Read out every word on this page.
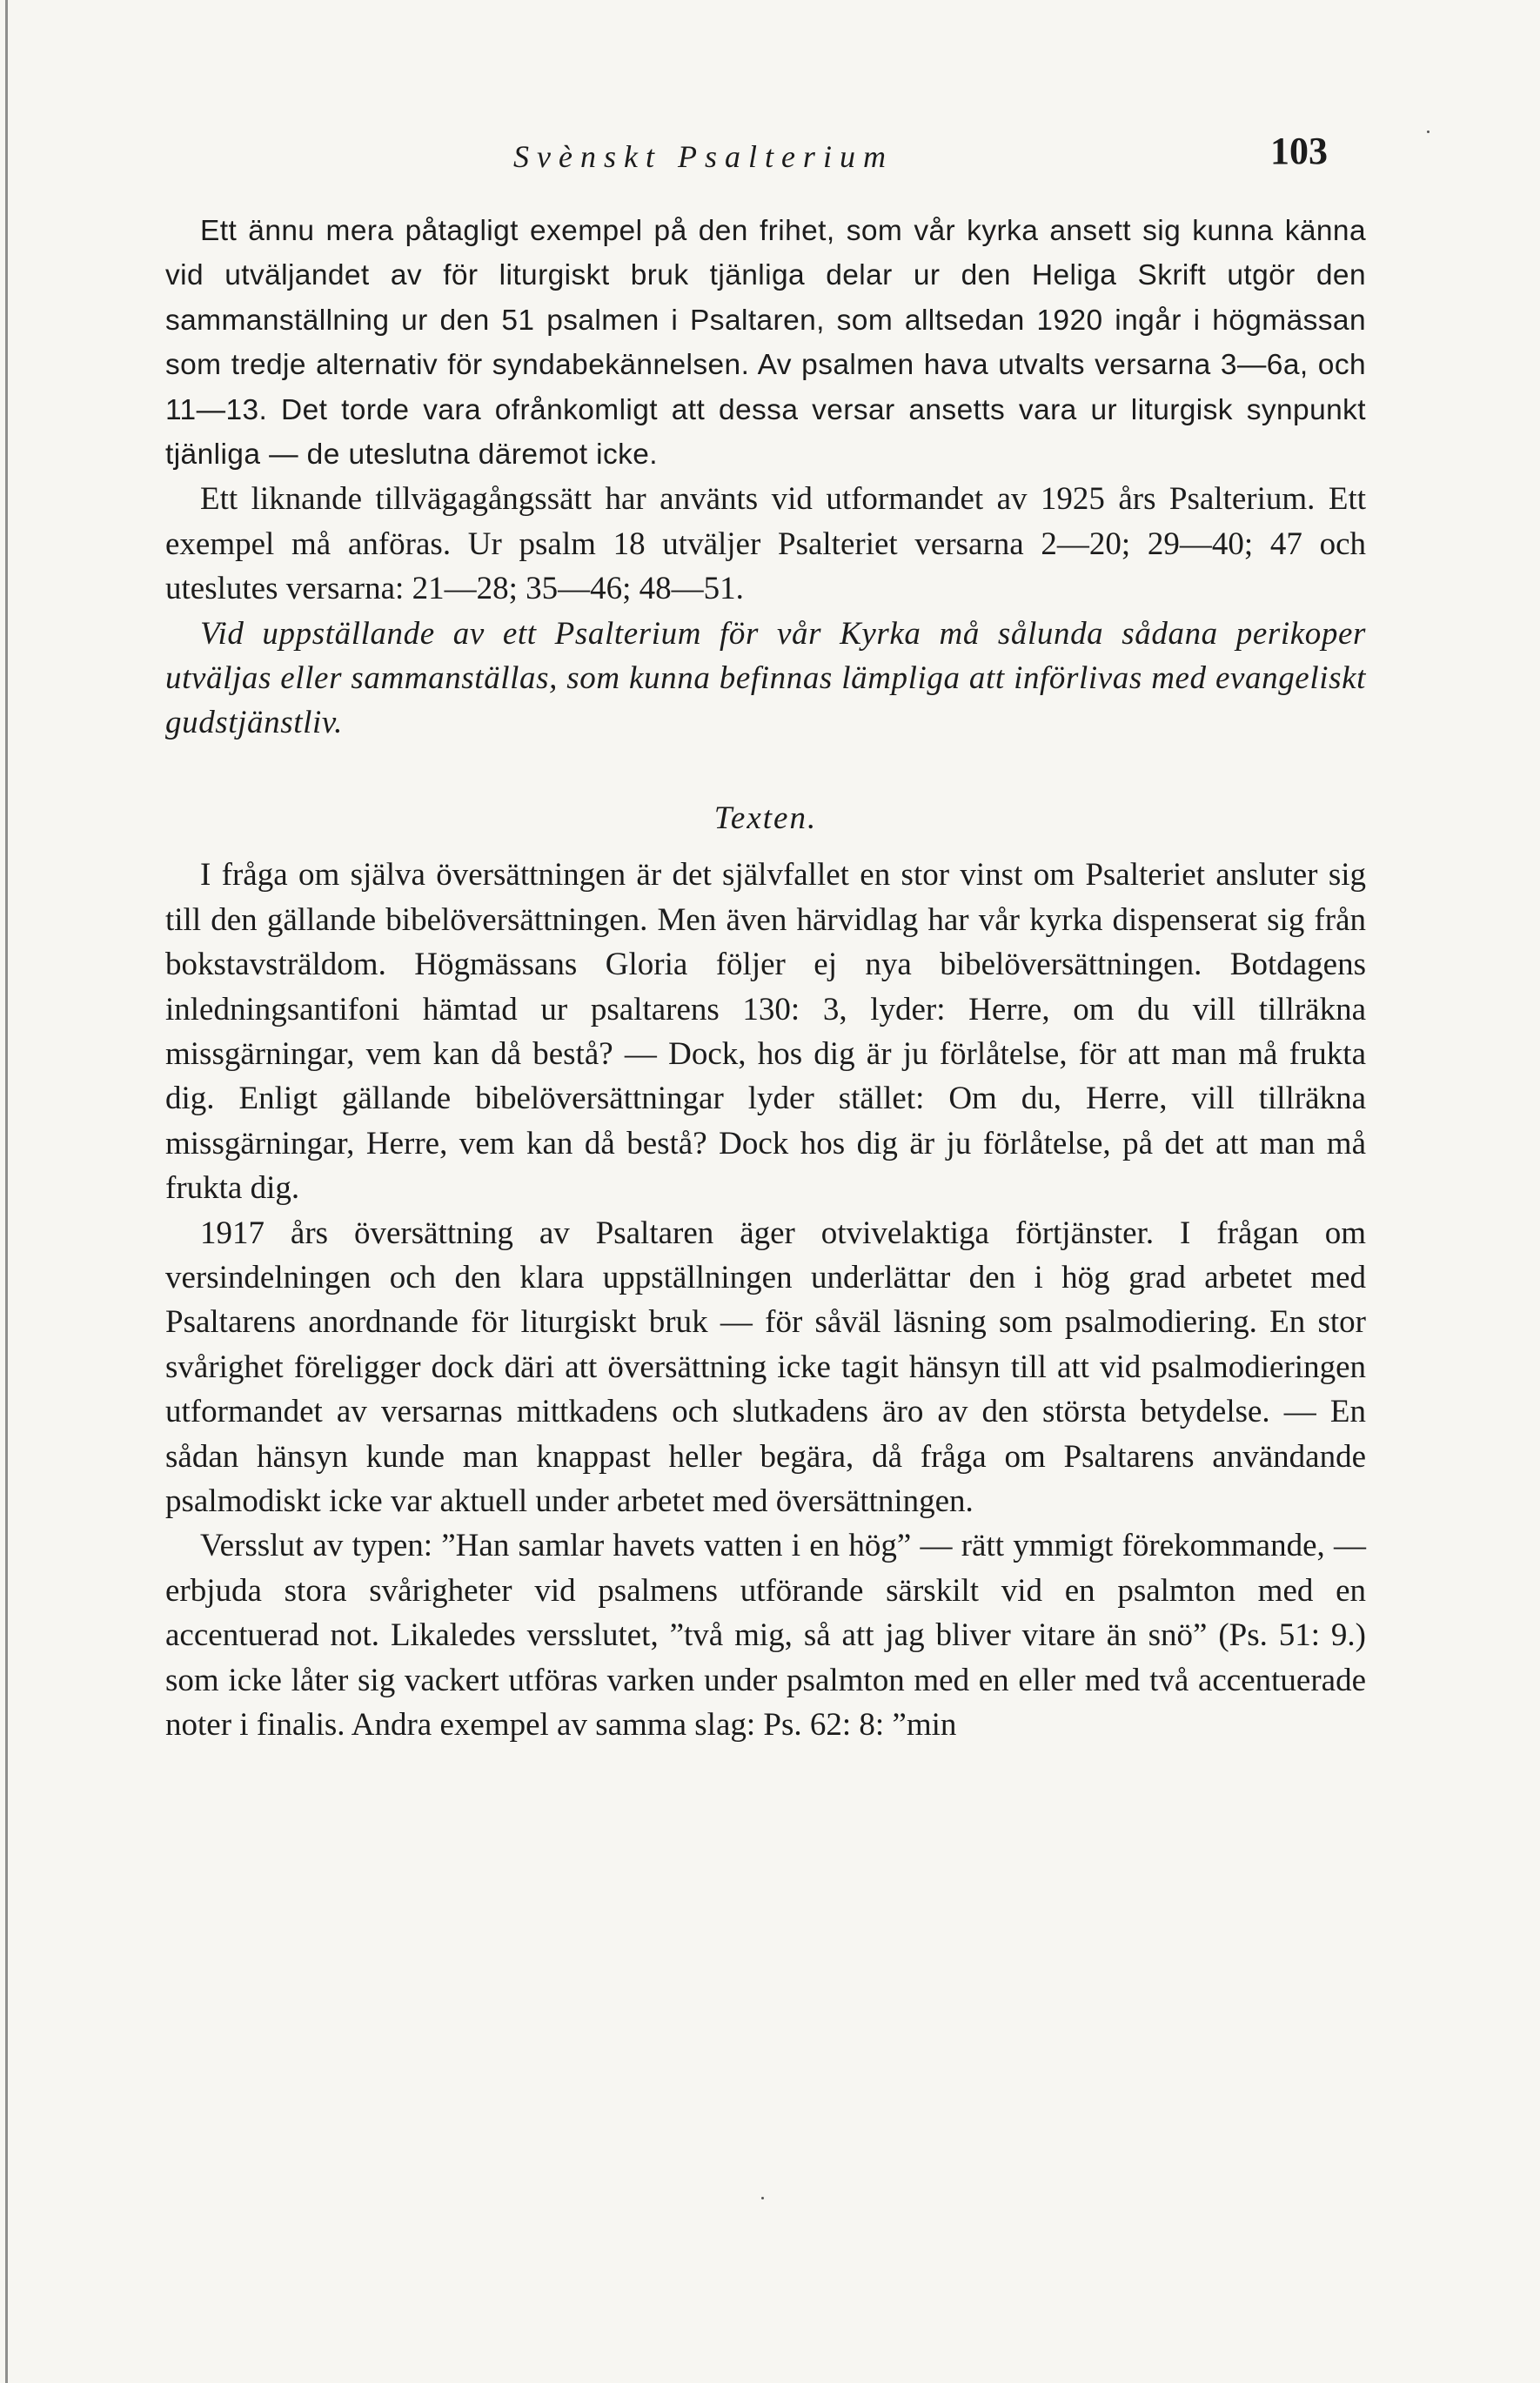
Svènskt Psalterium	103

Ett ännu mera påtagligt exempel på den frihet, som vår kyrka ansett sig kunna känna vid utväljandet av för liturgiskt bruk tjänliga delar ur den Heliga Skrift utgör den sammanställning ur den 51 psalmen i Psaltaren, som alltsedan 1920 ingår i högmässan som tredje alternativ för syndabekännelsen. Av psalmen hava utvalts versarna 3—6a, och 11—13. Det torde vara ofrånkomligt att dessa versar ansetts vara ur liturgisk synpunkt tjänliga — de uteslutna däremot icke.

Ett liknande tillvägagångssätt har använts vid utformandet av 1925 års Psalterium. Ett exempel må anföras. Ur psalm 18 utväljer Psalteriet versarna 2—20; 29—40; 47 och uteslutes versarna: 21—28; 35—46; 48—51.

Vid uppställande av ett Psalterium för vår Kyrka må sålunda sådana perikoper utväljas eller sammanställas, som kunna befinnas lämpliga att införlivas med evangeliskt gudstjänstliv.

Texten.

I fråga om själva översättningen är det självfallet en stor vinst om Psalteriet ansluter sig till den gällande bibelöversättningen. Men även härvidlag har vår kyrka dispenserat sig från bokstavsträldom. Högmässans Gloria följer ej nya bibelöversättningen. Botdagens inledningsantifoni hämtad ur psaltarens 130: 3, lyder: Herre, om du vill tillräkna missgärningar, vem kan då bestå? — Dock, hos dig är ju förlåtelse, för att man må frukta dig. Enligt gällande bibelöversättningar lyder stället: Om du, Herre, vill tillräkna missgärningar, Herre, vem kan då bestå? Dock hos dig är ju förlåtelse, på det att man må frukta dig.

1917 års översättning av Psaltaren äger otvivelaktiga förtjänster. I frågan om versindelningen och den klara uppställningen underlättar den i hög grad arbetet med Psaltarens anordnande för liturgiskt bruk — för såväl läsning som psalmodiering. En stor svårighet föreligger dock däri att översättning icke tagit hänsyn till att vid psalmodieringen utformandet av versarnas mittkadens och slutkadens äro av den största betydelse. — En sådan hänsyn kunde man knappast heller begära, då fråga om Psaltarens användande psalmodiskt icke var aktuell under arbetet med översättningen.

Versslut av typen: ”Han samlar havets vatten i en hög” — rätt ymmigt förekommande, — erbjuda stora svårigheter vid psalmens utförande särskilt vid en psalmton med en accentuerad not. Likaledes versslutet, ”två mig, så att jag bliver vitare än snö” (Ps. 51: 9.) som icke låter sig vackert utföras varken under psalmton med en eller med två accentuerade noter i finalis. Andra exempel av samma slag: Ps. 62: 8: ”min
